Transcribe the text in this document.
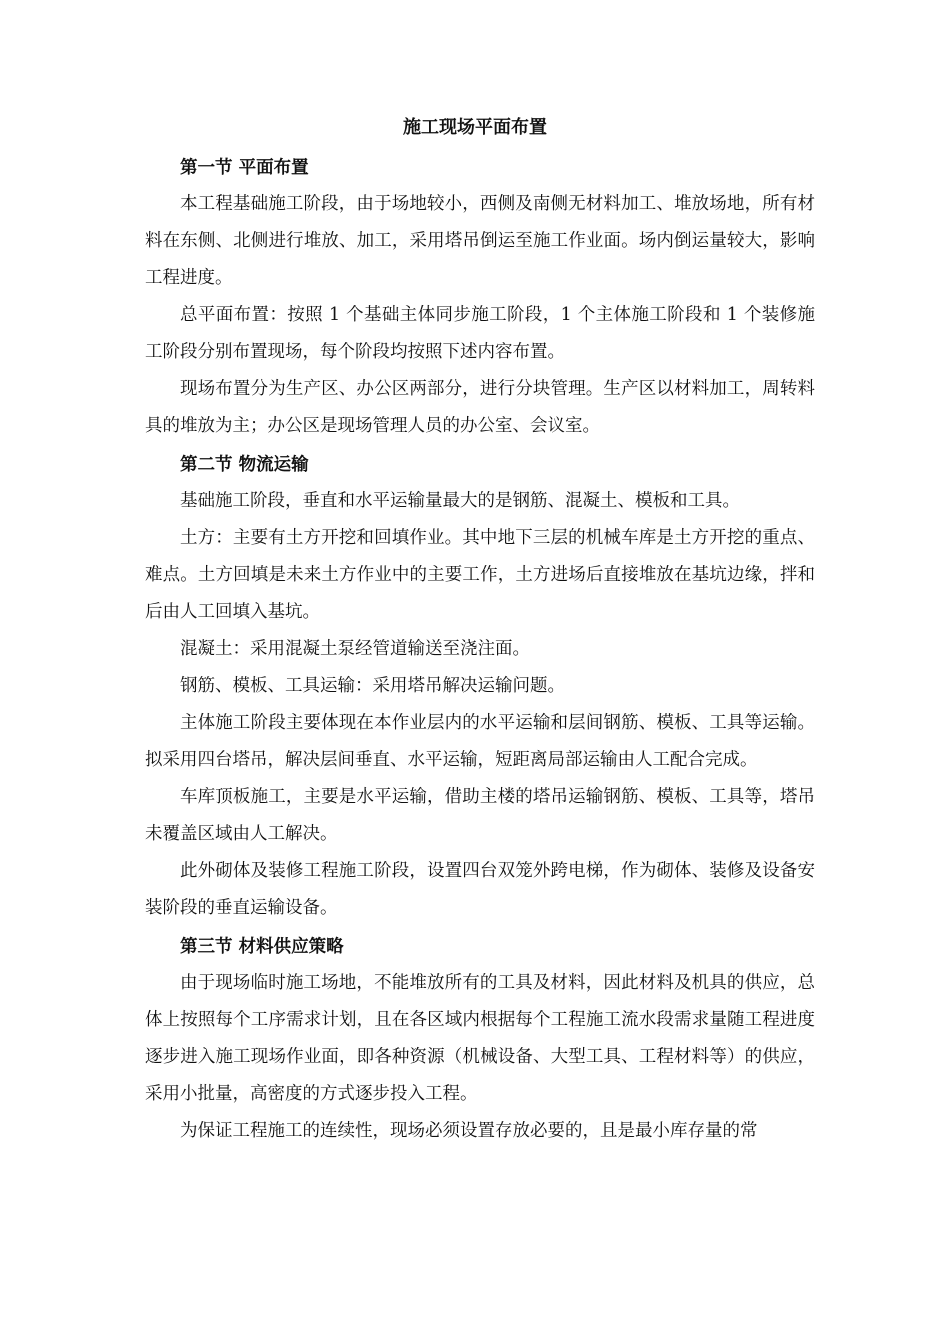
施工现场平面布置
第一节 平面布置

本工程基础施工阶段，由于场地较小，西侧及南侧无材料加工、堆放场地，所有材料在东侧、北侧进行堆放、加工，采用塔吊倒运至施工作业面。场内倒运量较大，影响工程进度。

总平面布置：按照 1 个基础主体同步施工阶段，1 个主体施工阶段和 1 个装修施工阶段分别布置现场，每个阶段均按照下述内容布置。

现场布置分为生产区、办公区两部分，进行分块管理。生产区以材料加工，周转料具的堆放为主；办公区是现场管理人员的办公室、会议室。

第二节 物流运输

基础施工阶段，垂直和水平运输量最大的是钢筋、混凝土、模板和工具。

土方：主要有土方开挖和回填作业。其中地下三层的机械车库是土方开挖的重点、难点。土方回填是未来土方作业中的主要工作，土方进场后直接堆放在基坑边缘，拌和后由人工回填入基坑。

混凝土：采用混凝土泵经管道输送至浇注面。

钢筋、模板、工具运输：采用塔吊解决运输问题。

主体施工阶段主要体现在本作业层内的水平运输和层间钢筋、模板、工具等运输。拟采用四台塔吊，解决层间垂直、水平运输，短距离局部运输由人工配合完成。

车库顶板施工，主要是水平运输，借助主楼的塔吊运输钢筋、模板、工具等，塔吊未覆盖区域由人工解决。

此外砌体及装修工程施工阶段，设置四台双笼外跨电梯，作为砌体、装修及设备安装阶段的垂直运输设备。

第三节 材料供应策略

由于现场临时施工场地，不能堆放所有的工具及材料，因此材料及机具的供应，总体上按照每个工序需求计划，且在各区域内根据每个工程施工流水段需求量随工程进度逐步进入施工现场作业面，即各种资源（机械设备、大型工具、工程材料等）的供应，采用小批量，高密度的方式逐步投入工程。

为保证工程施工的连续性，现场必须设置存放必要的，且是最小库存量的常
